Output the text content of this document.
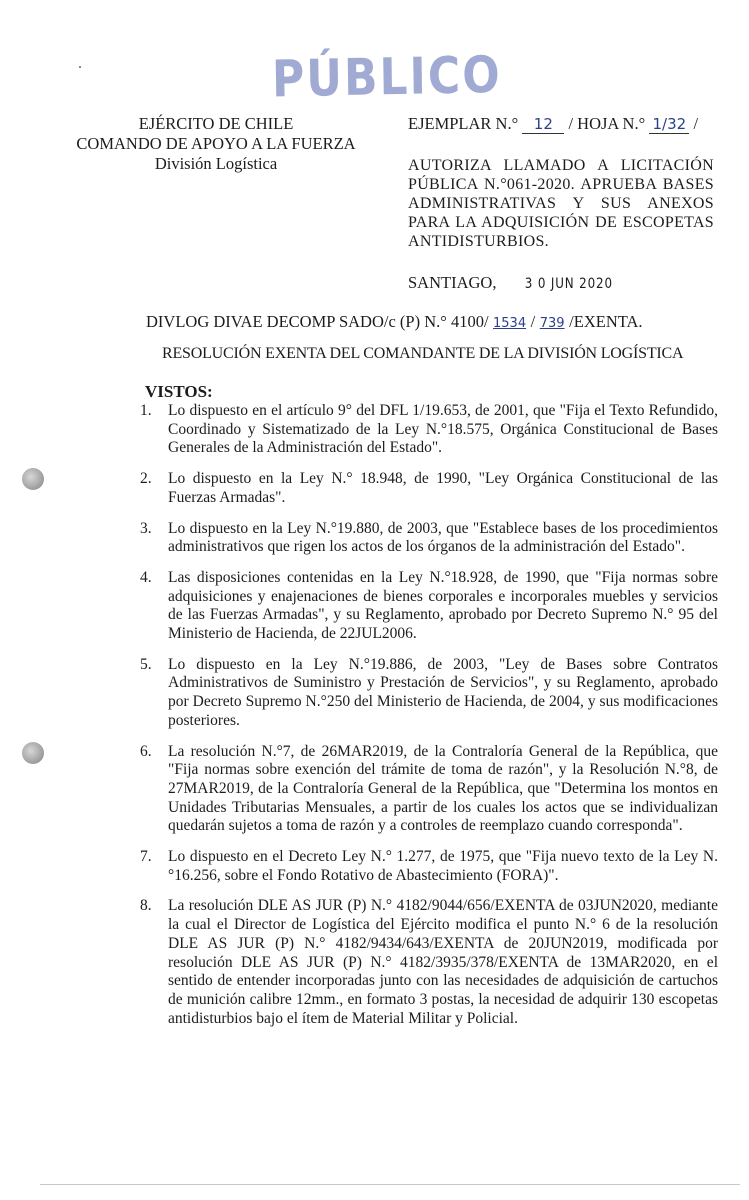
PÚBLICO
EJÉRCITO DE CHILE
COMANDO DE APOYO A LA FUERZA
División Logística
EJEMPLAR N.° 12 / HOJA N.° 1/32 /
AUTORIZA LLAMADO A LICITACIÓN PÚBLICA N.°061-2020. APRUEBA BASES ADMINISTRATIVAS Y SUS ANEXOS PARA LA ADQUISICIÓN DE ESCOPETAS ANTIDISTURBIOS.
SANTIAGO, 3 0 JUN 2020
DIVLOG DIVAE DECOMP SADO/c (P) N.° 4100/ 1534 / 739 /EXENTA.
RESOLUCIÓN EXENTA DEL COMANDANTE DE LA DIVISIÓN LOGÍSTICA
VISTOS:
1.	Lo dispuesto en el artículo 9° del DFL 1/19.653, de 2001, que "Fija el Texto Refundido, Coordinado y Sistematizado de la Ley N.°18.575, Orgánica Constitucional de Bases Generales de la Administración del Estado".
2.	Lo dispuesto en la Ley N.° 18.948, de 1990, "Ley Orgánica Constitucional de las Fuerzas Armadas".
3.	Lo dispuesto en la Ley N.°19.880, de 2003, que "Establece bases de los procedimientos administrativos que rigen los actos de los órganos de la administración del Estado".
4.	Las disposiciones contenidas en la Ley N.°18.928, de 1990, que "Fija normas sobre adquisiciones y enajenaciones de bienes corporales e incorporales muebles y servicios de las Fuerzas Armadas", y su Reglamento, aprobado por Decreto Supremo N.° 95 del Ministerio de Hacienda, de 22JUL2006.
5.	Lo dispuesto en la Ley N.°19.886, de 2003, "Ley de Bases sobre Contratos Administrativos de Suministro y Prestación de Servicios", y su Reglamento, aprobado por Decreto Supremo N.°250 del Ministerio de Hacienda, de 2004, y sus modificaciones posteriores.
6.	La resolución N.°7, de 26MAR2019, de la Contraloría General de la República, que "Fija normas sobre exención del trámite de toma de razón", y la Resolución N.°8, de 27MAR2019, de la Contraloría General de la República, que "Determina los montos en Unidades Tributarias Mensuales, a partir de los cuales los actos que se individualizan quedarán sujetos a toma de razón y a controles de reemplazo cuando corresponda".
7.	Lo dispuesto en el Decreto Ley N.° 1.277, de 1975, que "Fija nuevo texto de la Ley N.°16.256, sobre el Fondo Rotativo de Abastecimiento (FORA)".
8.	La resolución DLE AS JUR (P) N.° 4182/9044/656/EXENTA de 03JUN2020, mediante la cual el Director de Logística del Ejército modifica el punto N.° 6 de la resolución DLE AS JUR (P) N.° 4182/9434/643/EXENTA de 20JUN2019, modificada por resolución DLE AS JUR (P) N.° 4182/3935/378/EXENTA de 13MAR2020, en el sentido de entender incorporadas junto con las necesidades de adquisición de cartuchos de munición calibre 12mm., en formato 3 postas, la necesidad de adquirir 130 escopetas antidisturbios bajo el ítem de Material Militar y Policial.
